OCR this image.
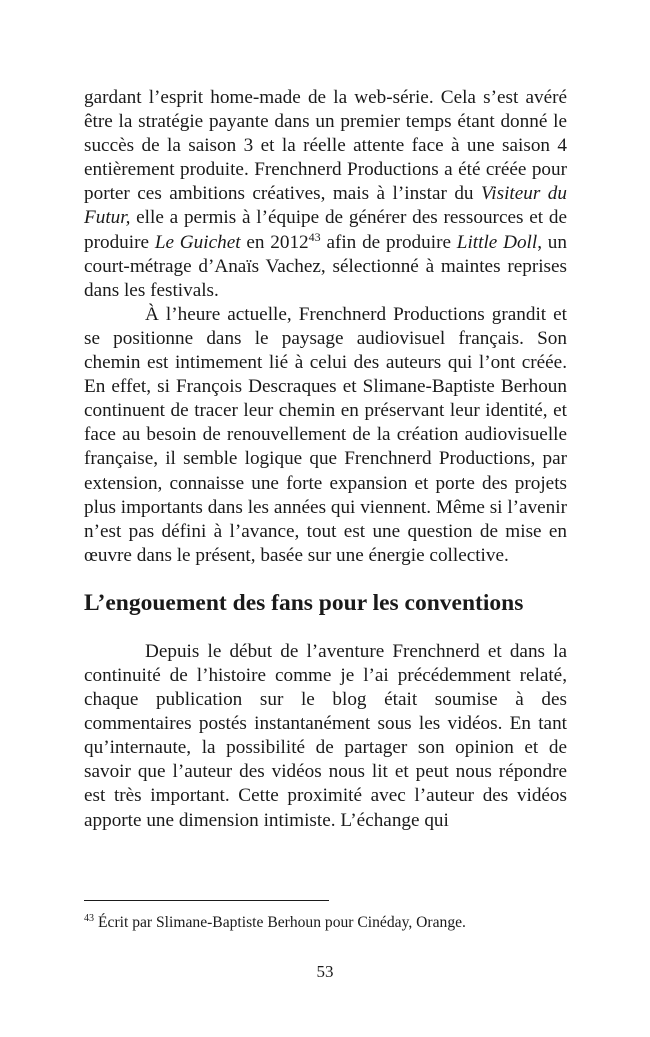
gardant l’esprit home-made de la web-série. Cela s’est avéré être la stratégie payante dans un premier temps étant donné le succès de la saison 3 et la réelle attente face à une saison 4 entièrement produite. Frenchnerd Productions a été créée pour porter ces ambitions créatives, mais à l’instar du Visiteur du Futur, elle a permis à l’équipe de générer des ressources et de produire Le Guichet en 2012$^{43}$ afin de produire Little Doll, un court-métrage d’Anaïs Vachez, sélectionné à maintes reprises dans les festivals.

À l’heure actuelle, Frenchnerd Productions grandit et se positionne dans le paysage audiovisuel français. Son chemin est intimement lié à celui des auteurs qui l’ont créée. En effet, si François Descraques et Slimane-Baptiste Berhoun continuent de tracer leur chemin en préservant leur identité, et face au besoin de renouvellement de la création audiovisuelle française, il semble logique que Frenchnerd Productions, par extension, connaisse une forte expansion et porte des projets plus importants dans les années qui viennent. Même si l’avenir n’est pas défini à l’avance, tout est une question de mise en œuvre dans le présent, basée sur une énergie collective.

L’engouement des fans pour les conventions

Depuis le début de l’aventure Frenchnerd et dans la continuité de l’histoire comme je l’ai précédemment relaté, chaque publication sur le blog était soumise à des commentaires postés instantanément sous les vidéos. En tant qu’internaute, la possibilité de partager son opinion et de savoir que l’auteur des vidéos nous lit et peut nous répondre est très important. Cette proximité avec l’auteur des vidéos apporte une dimension intimiste. L’échange qui

$^{43}$ Écrit par Slimane-Baptiste Berhoun pour Cinéday, Orange.
53
